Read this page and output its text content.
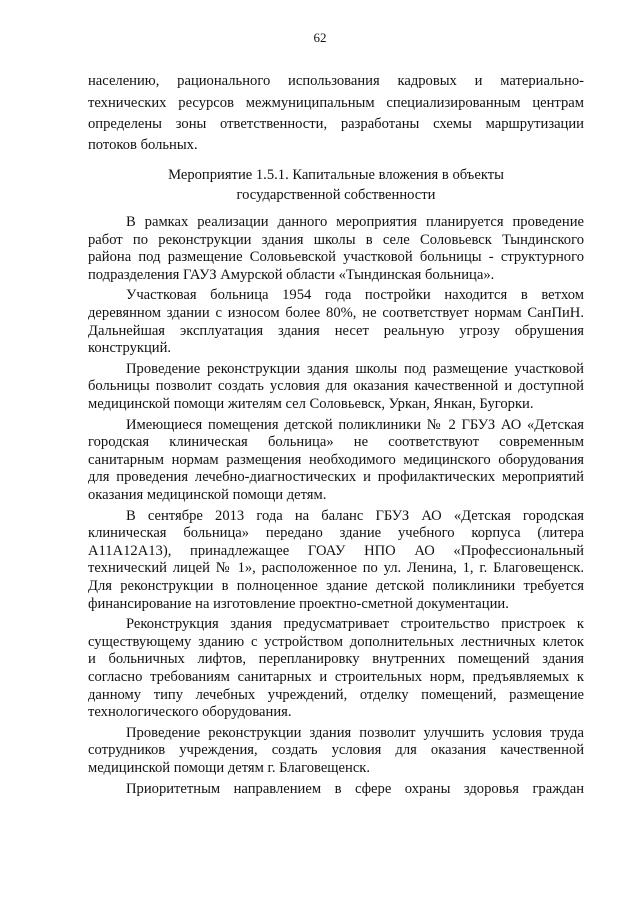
62
населению, рационального использования кадровых и материально-
технических ресурсов межмуниципальным специализированным центрам
определены зоны ответственности, разработаны схемы маршрутизации
потоков больных.
Мероприятие 1.5.1. Капитальные вложения в объекты
государственной собственности
В рамках реализации данного мероприятия планируется проведение
работ по реконструкции здания школы в селе Соловьевск Тындинского
района под размещение Соловьевской участковой больницы - структурного
подразделения ГАУЗ Амурской области «Тындинская больница».
Участковая больница 1954 года постройки находится в ветхом
деревянном здании с износом более 80%, не соответствует нормам СанПиН.
Дальнейшая эксплуатация здания несет реальную угрозу обрушения
конструкций.
Проведение реконструкции здания школы под размещение участковой
больницы позволит создать условия для оказания качественной и доступной
медицинской помощи жителям сел Соловьевск, Уркан, Янкан, Бугорки.
Имеющиеся помещения детской поликлиники № 2 ГБУЗ АО «Детская
городская клиническая больница» не соответствуют современным
санитарным нормам размещения необходимого медицинского оборудования
для проведения лечебно-диагностических и профилактических мероприятий
оказания медицинской помощи детям.
В сентябре 2013 года на баланс ГБУЗ АО «Детская городская
клиническая больница» передано здание учебного корпуса (литера
А11А12А13), принадлежащее ГОАУ НПО АО «Профессиональный
технический лицей № 1», расположенное по ул. Ленина, 1, г. Благовещенск.
Для реконструкции в полноценное здание детской поликлиники требуется
финансирование на изготовление проектно-сметной документации.
Реконструкция здания предусматривает строительство пристроек к
существующему зданию с устройством дополнительных лестничных клеток
и больничных лифтов, перепланировку внутренних помещений здания
согласно требованиям санитарных и строительных норм, предъявляемых к
данному типу лечебных учреждений, отделку помещений, размещение
технологического оборудования.
Проведение реконструкции здания позволит улучшить условия труда
сотрудников учреждения, создать условия для оказания качественной
медицинской помощи детям г. Благовещенск.
Приоритетным направлением в сфере охраны здоровья граждан
